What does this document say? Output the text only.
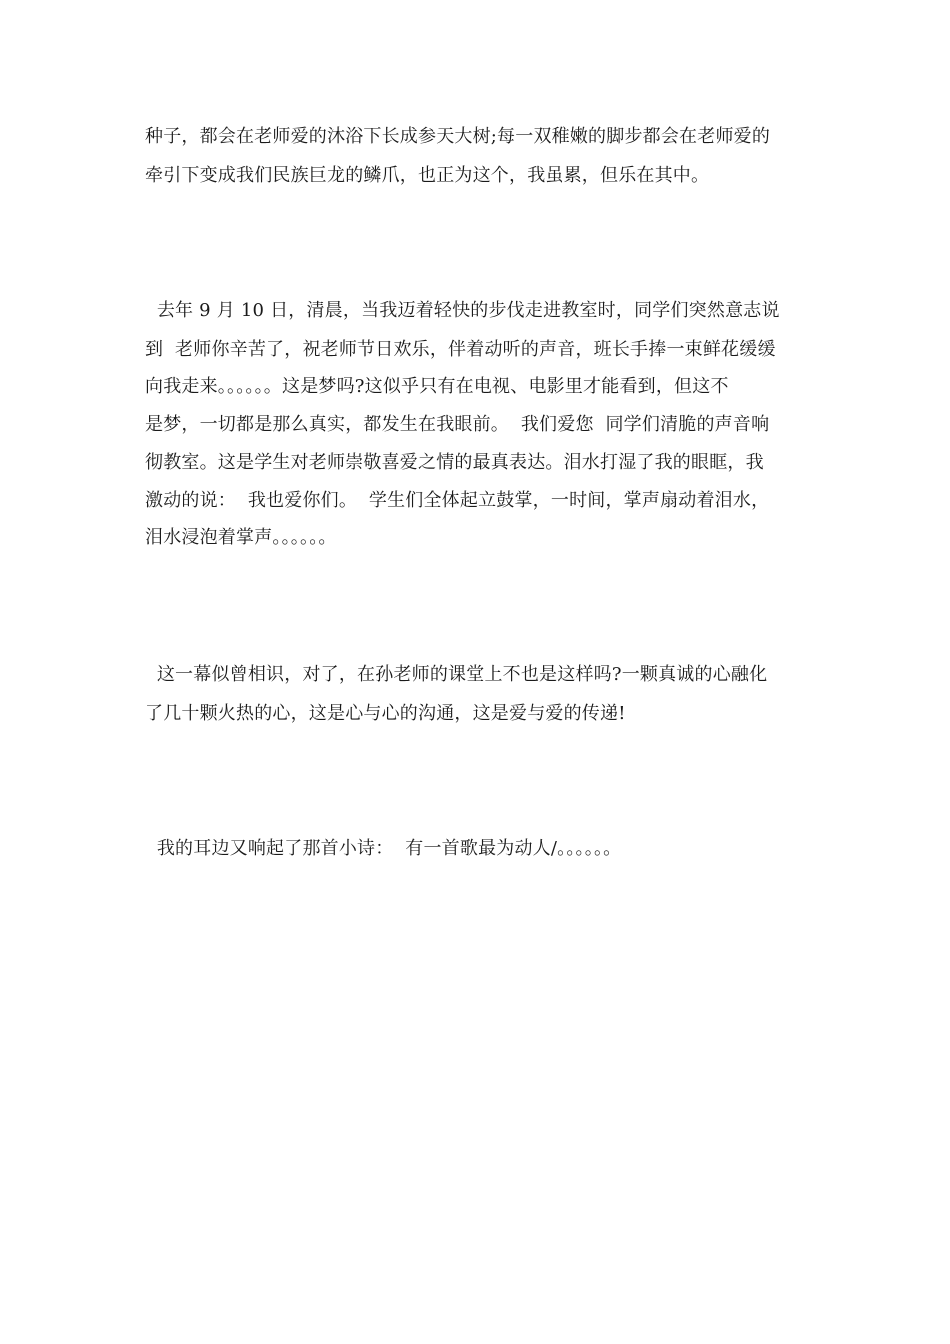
种子，都会在老师爱的沐浴下长成参天大树;每一双稚嫩的脚步都会在老师爱的
牵引下变成我们民族巨龙的鳞爪，也正为这个，我虽累，但乐在其中。
去年 9 月 10 日，清晨，当我迈着轻快的步伐走进教室时，同学们突然意志说
到  老师你辛苦了，祝老师节日欢乐，伴着动听的声音，班长手捧一束鲜花缓缓
向我走来。。。。。。这是梦吗?这似乎只有在电视、电影里才能看到，但这不
是梦，一切都是那么真实，都发生在我眼前。  我们爱您  同学们清脆的声音响
彻教室。这是学生对老师崇敬喜爱之情的最真表达。泪水打湿了我的眼眶，我
激动的说：  我也爱你们。  学生们全体起立鼓掌，一时间，掌声扇动着泪水，
泪水浸泡着掌声。。。。。。
这一幕似曾相识，对了，在孙老师的课堂上不也是这样吗?一颗真诚的心融化
了几十颗火热的心，这是心与心的沟通，这是爱与爱的传递!
我的耳边又响起了那首小诗：  有一首歌最为动人/。。。。。。
